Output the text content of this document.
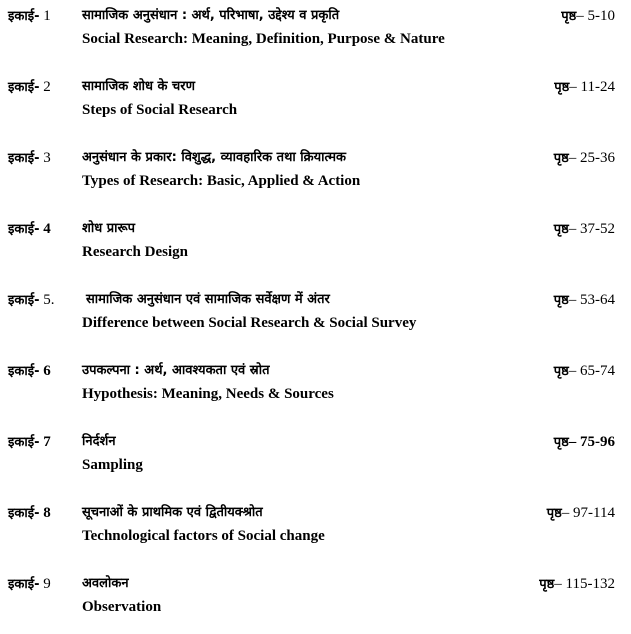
इकाई- 1 सामाजिक अनुसंधान : अर्थ, परिभाषा, उद्देश्य व प्रकृति
Social Research: Meaning, Definition, Purpose & Nature
पृष्ठ– 5-10
इकाई- 2 सामाजिक शोध के चरण
Steps of Social Research
पृष्ठ– 11-24
इकाई- 3 अनुसंधान के प्रकार: विशुद्ध, व्यावहारिक तथा क्रियात्मक
Types of Research: Basic, Applied & Action
पृष्ठ– 25-36
इकाई- 4 शोध प्रारूप
Research Design
पृष्ठ– 37-52
इकाई- 5. सामाजिक अनुसंधान एवं सामाजिक सर्वेक्षण में अंतर
Difference between Social Research & Social Survey
पृष्ठ– 53-64
इकाई- 6 उपकल्पना : अर्थ, आवश्यकता एवं स्रोत
Hypothesis: Meaning, Needs & Sources
पृष्ठ– 65-74
इकाई- 7 निर्दर्शन
Sampling
पृष्ठ– 75-96
इकाई- 8 सूचनाओं के प्राथमिक एवं द्वितीयक्श्रोत
Technological factors of Social change
पृष्ठ– 97-114
इकाई- 9 अवलोकन
Observation
पृष्ठ– 115-132
